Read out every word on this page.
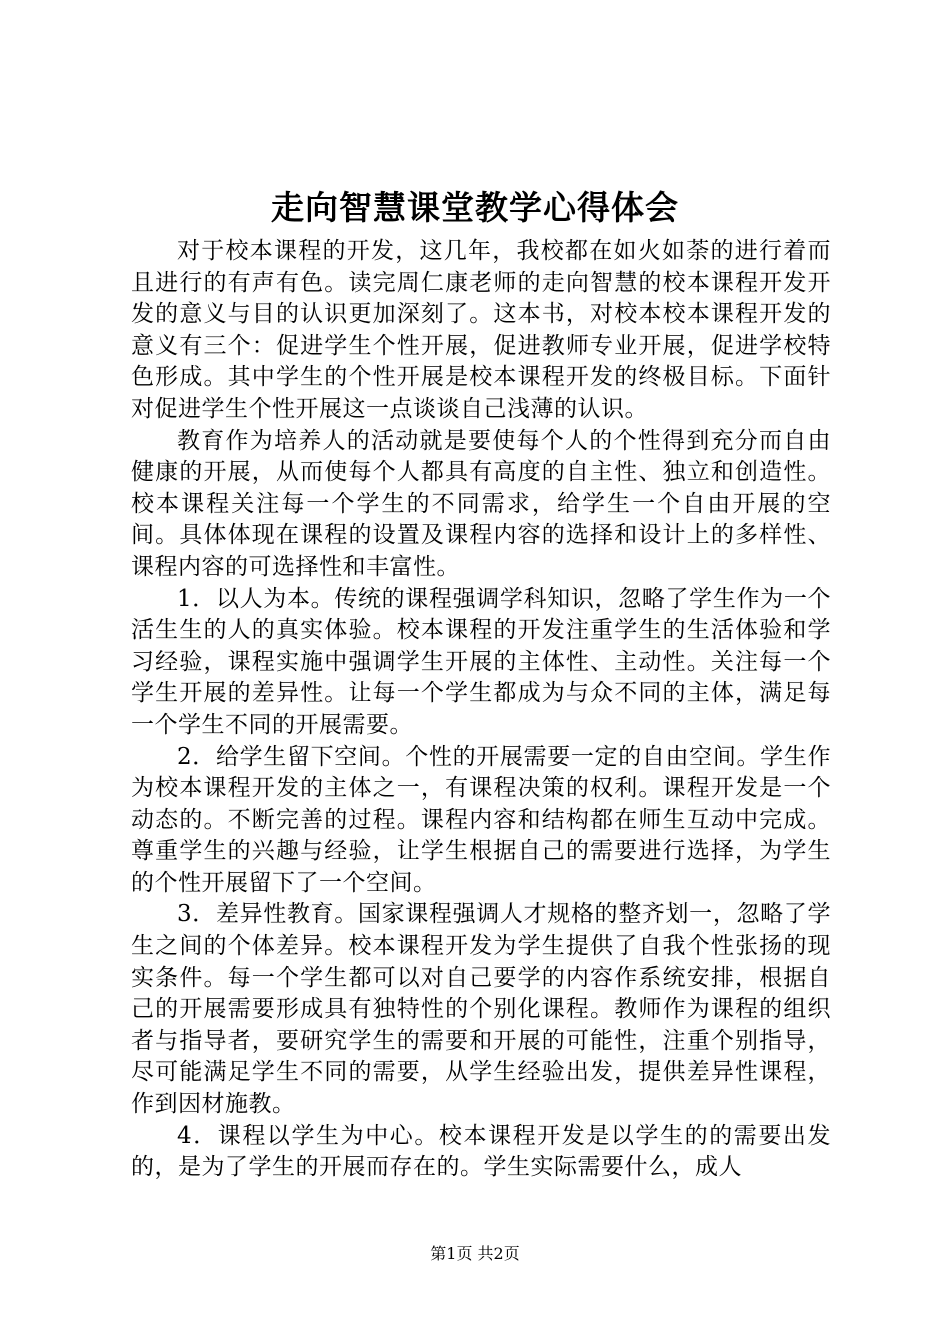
走向智慧课堂教学心得体会

对于校本课程的开发，这几年，我校都在如火如荼的进行着而且进行的有声有色。读完周仁康老师的走向智慧的校本课程开发开发的意义与目的认识更加深刻了。这本书，对校本校本课程开发的意义有三个：促进学生个性开展，促进教师专业开展，促进学校特色形成。其中学生的个性开展是校本课程开发的终极目标。下面针对促进学生个性开展这一点谈谈自己浅薄的认识。

教育作为培养人的活动就是要使每个人的个性得到充分而自由健康的开展，从而使每个人都具有高度的自主性、独立和创造性。校本课程关注每一个学生的不同需求，给学生一个自由开展的空间。具体体现在课程的设置及课程内容的选择和设计上的多样性、课程内容的可选择性和丰富性。

1．以人为本。传统的课程强调学科知识，忽略了学生作为一个活生生的人的真实体验。校本课程的开发注重学生的生活体验和学习经验，课程实施中强调学生开展的主体性、主动性。关注每一个学生开展的差异性。让每一个学生都成为与众不同的主体，满足每一个学生不同的开展需要。

2．给学生留下空间。个性的开展需要一定的自由空间。学生作为校本课程开发的主体之一，有课程决策的权利。课程开发是一个动态的。不断完善的过程。课程内容和结构都在师生互动中完成。尊重学生的兴趣与经验，让学生根据自己的需要进行选择，为学生的个性开展留下了一个空间。

3．差异性教育。国家课程强调人才规格的整齐划一，忽略了学生之间的个体差异。校本课程开发为学生提供了自我个性张扬的现实条件。每一个学生都可以对自己要学的内容作系统安排，根据自己的开展需要形成具有独特性的个别化课程。教师作为课程的组织者与指导者，要研究学生的需要和开展的可能性，注重个别指导，尽可能满足学生不同的需要，从学生经验出发，提供差异性课程，作到因材施教。

4．课程以学生为中心。校本课程开发是以学生的的需要出发的，是为了学生的开展而存在的。学生实际需要什么，成人

第1页 共2页
